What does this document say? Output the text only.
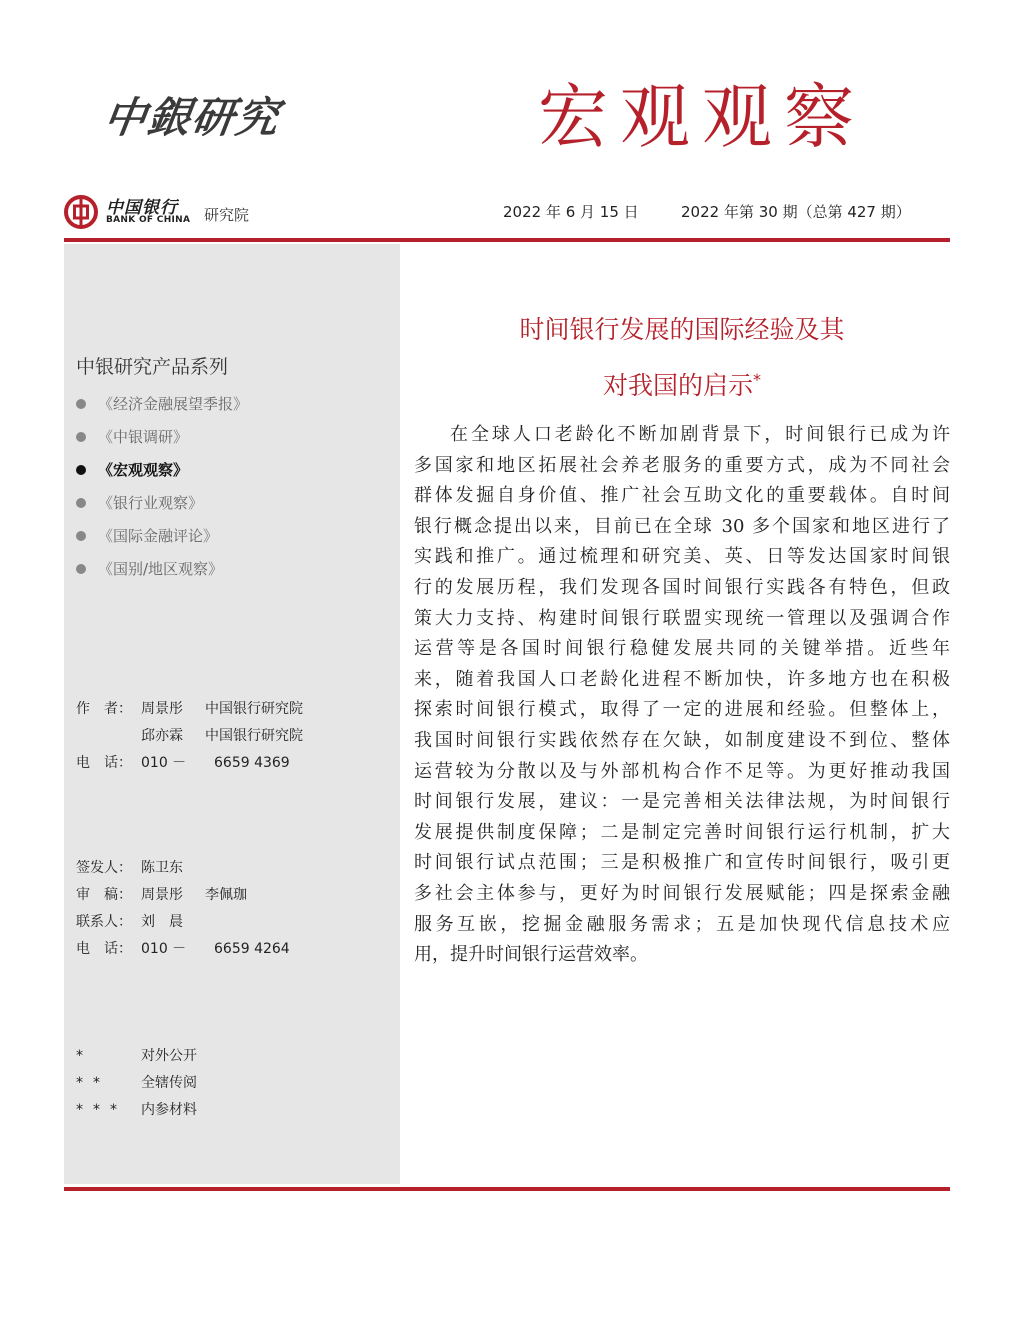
中銀研究	宏观观察
中国银行
BANK OF CHINA 研究院	2022 年 6 月 15 日	2022 年第 30 期（总第 427 期）
中银研究产品系列
《经济金融展望季报》
《中银调研》
《宏观观察》
《银行业观察》
《国际金融评论》
《国别/地区观察》
作　者： 周景彤 中国银行研究院
邱亦霖 中国银行研究院
电　话： 010 － 6659 4369
签发人： 陈卫东
审　稿： 周景彤 李佩珈
联系人： 刘　晨
电　话： 010 － 6659 4264
*	对外公开
** 全辖传阅
*** 内参材料
时间银行发展的国际经验及其
对我国的启示*
在全球人口老龄化不断加剧背景下，时间银行已成为许
多国家和地区拓展社会养老服务的重要方式，成为不同社会
群体发掘自身价值、推广社会互助文化的重要载体。自时间
银行概念提出以来，目前已在全球 30 多个国家和地区进行了
实践和推广。通过梳理和研究美、英、日等发达国家时间银
行的发展历程，我们发现各国时间银行实践各有特色，但政
策大力支持、构建时间银行联盟实现统一管理以及强调合作
运营等是各国时间银行稳健发展共同的关键举措。近些年
来，随着我国人口老龄化进程不断加快，许多地方也在积极
探索时间银行模式，取得了一定的进展和经验。但整体上，
我国时间银行实践依然存在欠缺，如制度建设不到位、整体
运营较为分散以及与外部机构合作不足等。为更好推动我国
时间银行发展，建议：一是完善相关法律法规，为时间银行
发展提供制度保障；二是制定完善时间银行运行机制，扩大
时间银行试点范围；三是积极推广和宣传时间银行，吸引更
多社会主体参与，更好为时间银行发展赋能；四是探索金融
服务互嵌，挖掘金融服务需求；五是加快现代信息技术应
用，提升时间银行运营效率。
